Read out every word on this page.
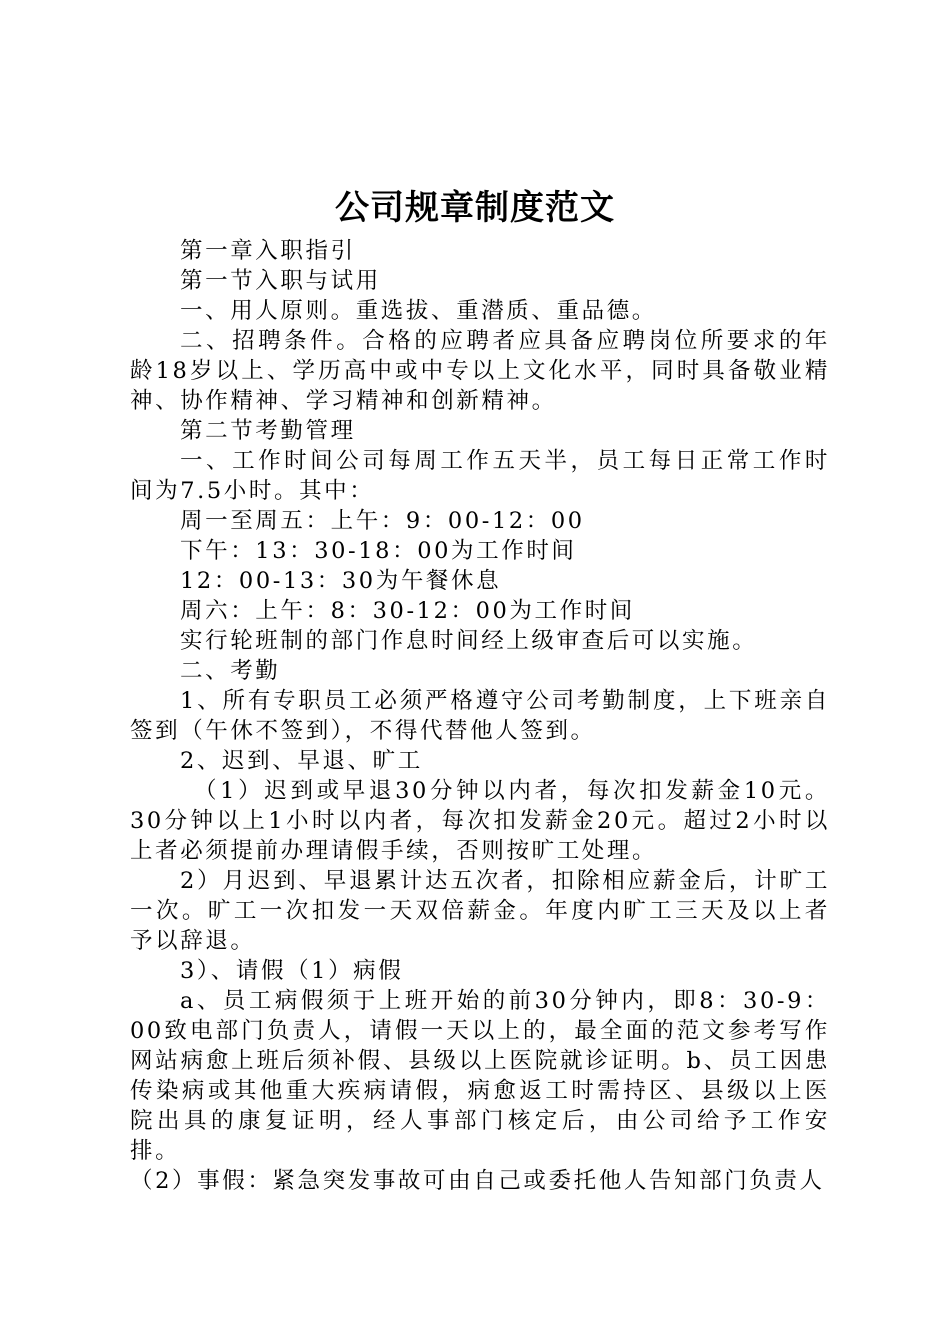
公司规章制度范文

第一章入职指引

第一节入职与试用

一、用人原则。重选拔、重潜质、重品德。

二、招聘条件。合格的应聘者应具备应聘岗位所要求的年龄18岁以上、学历高中或中专以上文化水平，同时具备敬业精神、协作精神、学习精神和创新精神。

第二节考勤管理

一、工作时间公司每周工作五天半，员工每日正常工作时间为7.5小时。其中：

周一至周五：上午：9：00-12：00

下午：13：30-18：00为工作时间

12：00-13：30为午餐休息

周六：上午：8：30-12：00为工作时间

实行轮班制的部门作息时间经上级审查后可以实施。

二、考勤

1、所有专职员工必须严格遵守公司考勤制度，上下班亲自签到（午休不签到），不得代替他人签到。

2、迟到、早退、旷工

（1）迟到或早退30分钟以内者，每次扣发薪金10元。30分钟以上1小时以内者，每次扣发薪金20元。超过2小时以上者必须提前办理请假手续，否则按旷工处理。

2）月迟到、早退累计达五次者，扣除相应薪金后，计旷工一次。旷工一次扣发一天双倍薪金。年度内旷工三天及以上者予以辞退。

3）、请假（1）病假

a、员工病假须于上班开始的前30分钟内，即8：30-9：00致电部门负责人，请假一天以上的，最全面的范文参考写作网站病愈上班后须补假、县级以上医院就诊证明。b、员工因患传染病或其他重大疾病请假，病愈返工时需持区、县级以上医院出具的康复证明，经人事部门核定后，由公司给予工作安排。

（2）事假：紧急突发事故可由自己或委托他人告知部门负责人
